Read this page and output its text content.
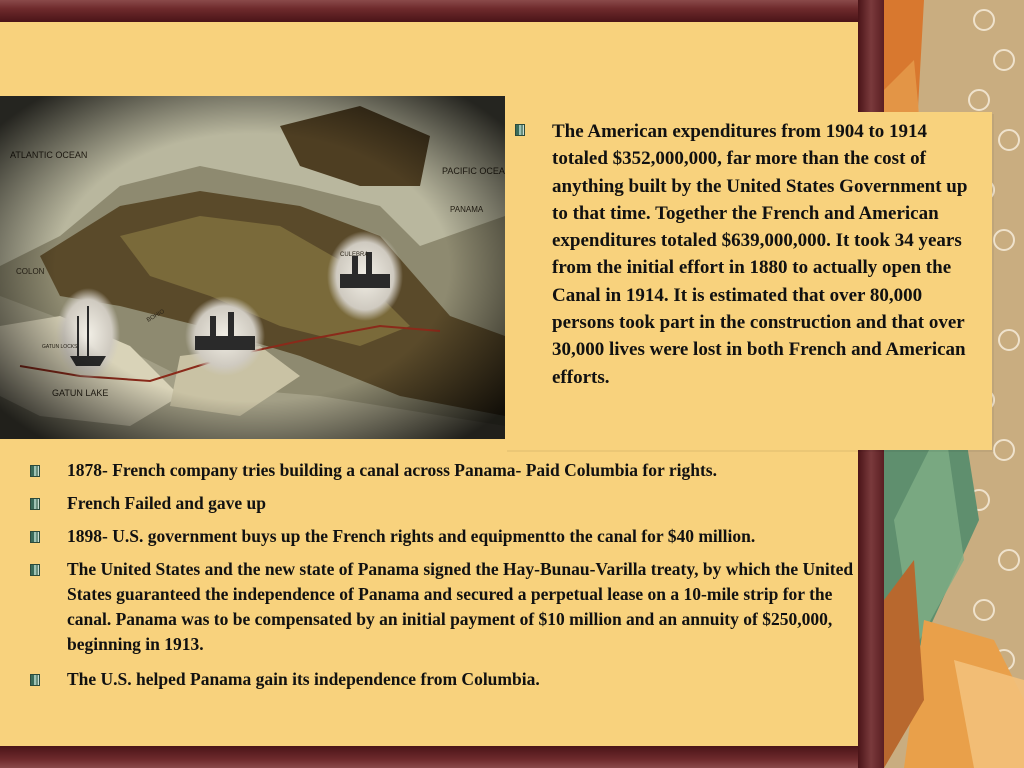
The American expenditures from 1904 to 1914 totaled $352,000,000, far more than the cost of anything built by the United States Government up to that time. Together the French and American expenditures totaled $639,000,000. It took 34 years from the initial effort in 1880 to actually open the Canal in 1914. It is estimated that over 80,000 persons took part in the construction and that over 30,000 lives were lost in both French and American efforts.

1878- French company tries building a canal across Panama- Paid Columbia for rights.
French Failed and gave up
1898- U.S. government buys up the French rights and equipmentto the canal for $40 million.
The United States and the new state of Panama signed the Hay-Bunau-Varilla treaty, by which the United States guaranteed the independence of Panama and secured a perpetual lease on a 10-mile strip for the canal. Panama was to be compensated by an initial payment of $10 million and an annuity of $250,000, beginning in 1913.
The U.S. helped Panama gain its independence from Columbia.
